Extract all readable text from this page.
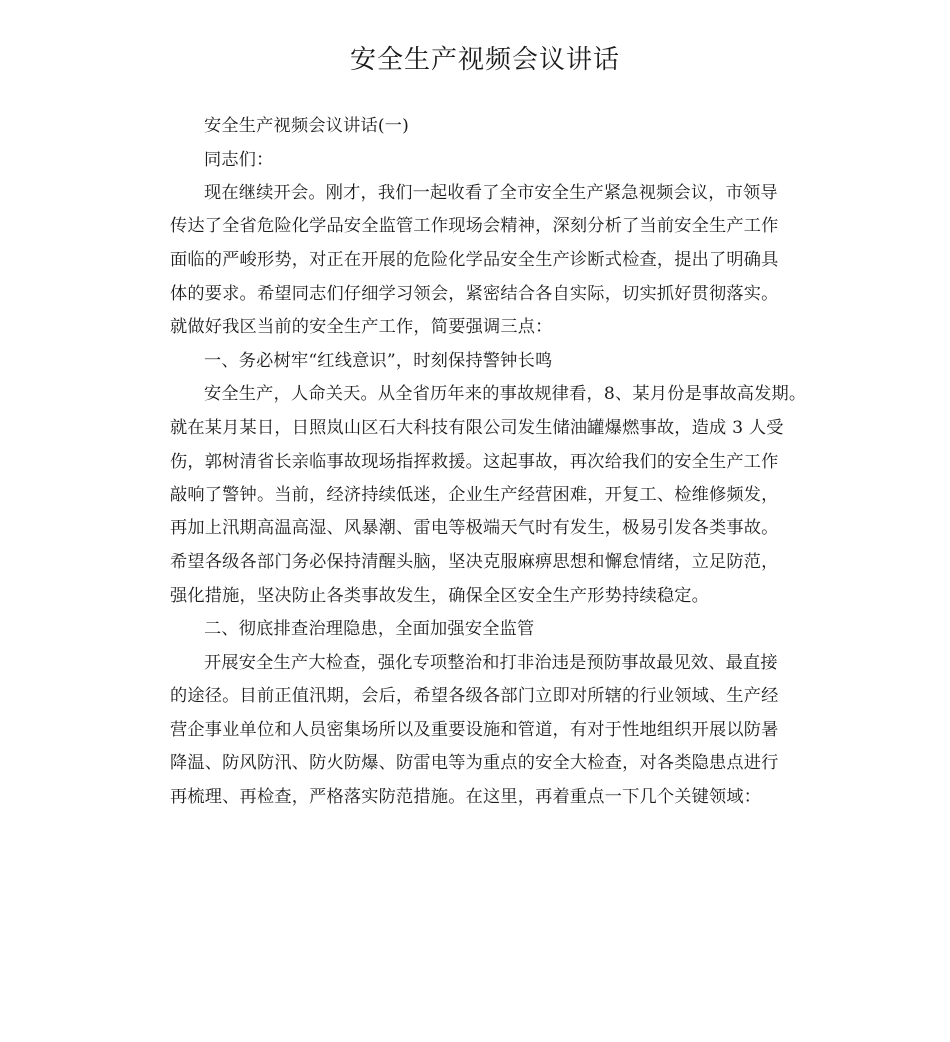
安全生产视频会议讲话
安全生产视频会议讲话(一)
同志们：
现在继续开会。刚才，我们一起收看了全市安全生产紧急视频会议，市领导
传达了全省危险化学品安全监管工作现场会精神，深刻分析了当前安全生产工作
面临的严峻形势，对正在开展的危险化学品安全生产诊断式检查，提出了明确具
体的要求。希望同志们仔细学习领会，紧密结合各自实际，切实抓好贯彻落实。
就做好我区当前的安全生产工作，简要强调三点：
一、务必树牢“红线意识”，时刻保持警钟长鸣
安全生产，人命关天。从全省历年来的事故规律看，8、某月份是事故高发期。
就在某月某日，日照岚山区石大科技有限公司发生储油罐爆燃事故，造成 3 人受
伤，郭树清省长亲临事故现场指挥救援。这起事故，再次给我们的安全生产工作
敲响了警钟。当前，经济持续低迷，企业生产经营困难，开复工、检维修频发，
再加上汛期高温高湿、风暴潮、雷电等极端天气时有发生，极易引发各类事故。
希望各级各部门务必保持清醒头脑，坚决克服麻痹思想和懈怠情绪，立足防范，
强化措施，坚决防止各类事故发生，确保全区安全生产形势持续稳定。
二、彻底排查治理隐患，全面加强安全监管
开展安全生产大检查，强化专项整治和打非治违是预防事故最见效、最直接
的途径。目前正值汛期，会后，希望各级各部门立即对所辖的行业领域、生产经
营企事业单位和人员密集场所以及重要设施和管道，有对于性地组织开展以防暑
降温、防风防汛、防火防爆、防雷电等为重点的安全大检查，对各类隐患点进行
再梳理、再检查，严格落实防范措施。在这里，再着重点一下几个关键领域：
